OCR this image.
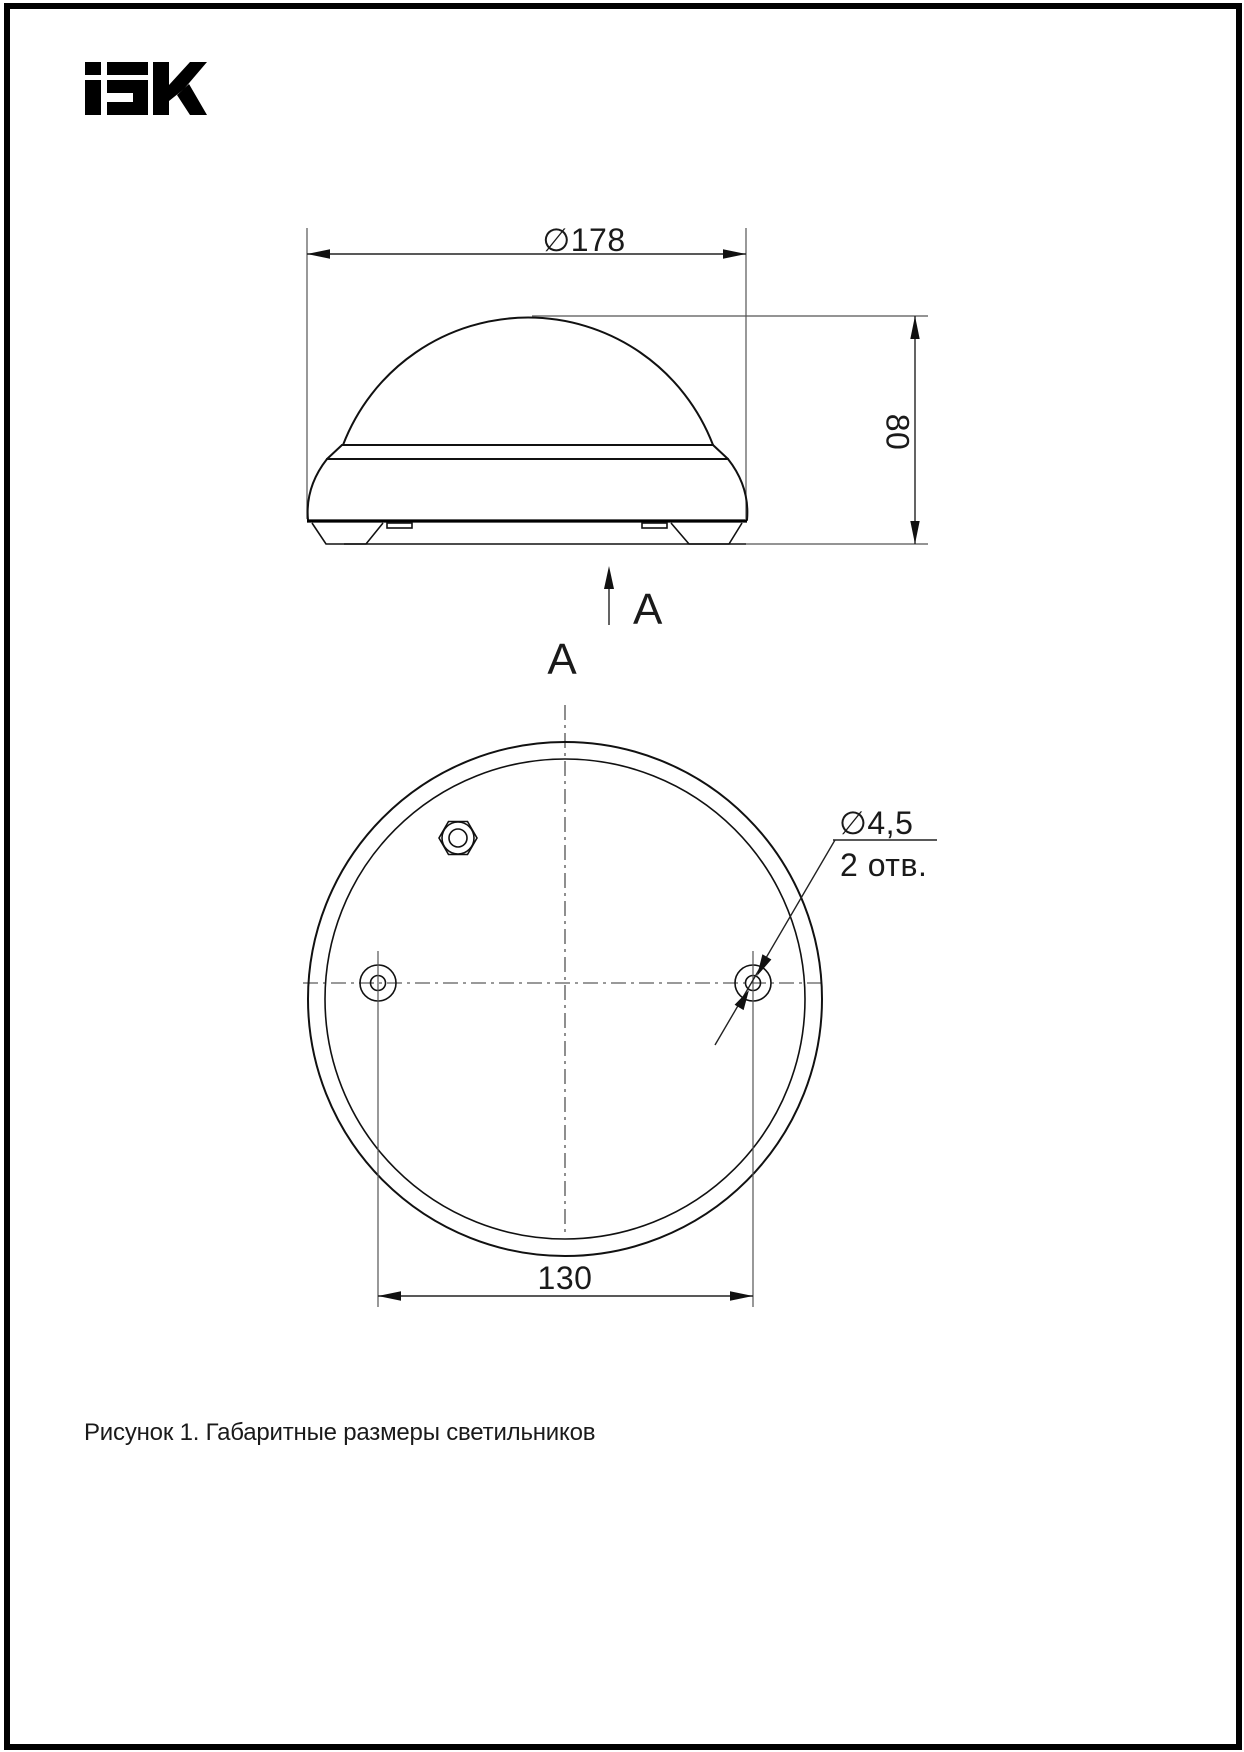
∅178
80
A
A
∅4,5
2 отв.
130
Рисунок 1. Габаритные размеры светильников
